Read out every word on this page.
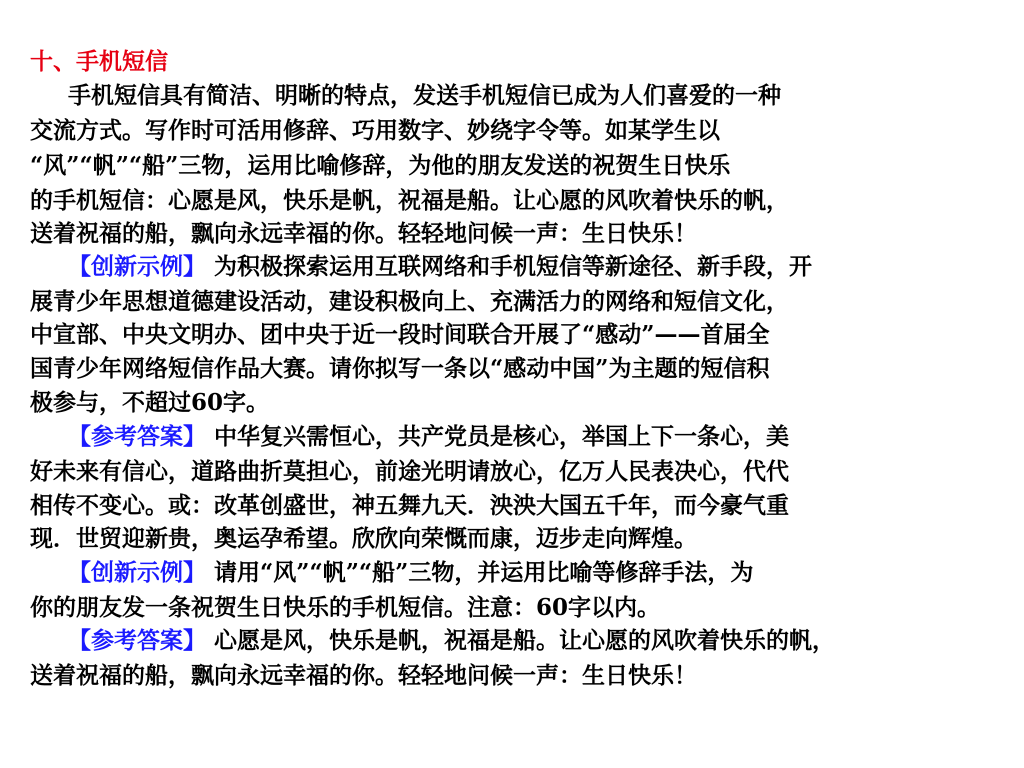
十、手机短信
手机短信具有简洁、明晰的特点，发送手机短信已成为人们喜爱的一种
交流方式。写作时可活用修辞、巧用数字、妙绕字令等。如某学生以
“风”“帆”“船”三物，运用比喻修辞，为他的朋友发送的祝贺生日快乐
的手机短信：心愿是风，快乐是帆，祝福是船。让心愿的风吹着快乐的帆，
送着祝福的船，飘向永远幸福的你。轻轻地问候一声：生日快乐！
【创新示例】 为积极探索运用互联网络和手机短信等新途径、新手段，开
展青少年思想道德建设活动，建设积极向上、充满活力的网络和短信文化，
中宣部、中央文明办、团中央于近一段时间联合开展了“感动”——首届全
国青少年网络短信作品大赛。请你拟写一条以“感动中国”为主题的短信积
极参与，不超过60字。
【参考答案】 中华复兴需恒心，共产党员是核心，举国上下一条心，美
好未来有信心，道路曲折莫担心，前途光明请放心，亿万人民表决心，代代
相传不变心。或：改革创盛世，神五舞九天．泱泱大国五千年，而今豪气重
现．世贸迎新贵，奥运孕希望。欣欣向荣慨而康，迈步走向辉煌。
【创新示例】 请用“风”“帆”“船”三物，并运用比喻等修辞手法，为
你的朋友发一条祝贺生日快乐的手机短信。注意：60字以内。
【参考答案】 心愿是风，快乐是帆，祝福是船。让心愿的风吹着快乐的帆，
送着祝福的船，飘向永远幸福的你。轻轻地问候一声：生日快乐！
